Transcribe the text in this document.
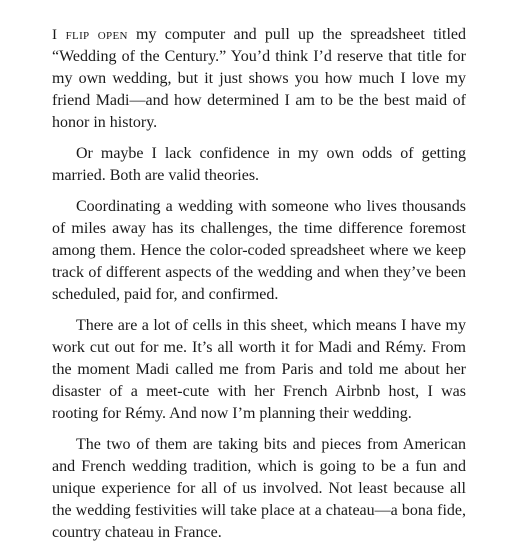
I flip open my computer and pull up the spreadsheet titled “Wedding of the Century.” You’d think I’d reserve that title for my own wedding, but it just shows you how much I love my friend Madi—and how determined I am to be the best maid of honor in history.

Or maybe I lack confidence in my own odds of getting married. Both are valid theories.

Coordinating a wedding with someone who lives thousands of miles away has its challenges, the time difference foremost among them. Hence the color-coded spreadsheet where we keep track of different aspects of the wedding and when they’ve been scheduled, paid for, and confirmed.

There are a lot of cells in this sheet, which means I have my work cut out for me. It’s all worth it for Madi and Rémy. From the moment Madi called me from Paris and told me about her disaster of a meet-cute with her French Airbnb host, I was rooting for Rémy. And now I’m planning their wedding.

The two of them are taking bits and pieces from American and French wedding tradition, which is going to be a fun and unique experience for all of us involved. Not least because all the wedding festivities will take place at a chateau—a bona fide, country chateau in France.
